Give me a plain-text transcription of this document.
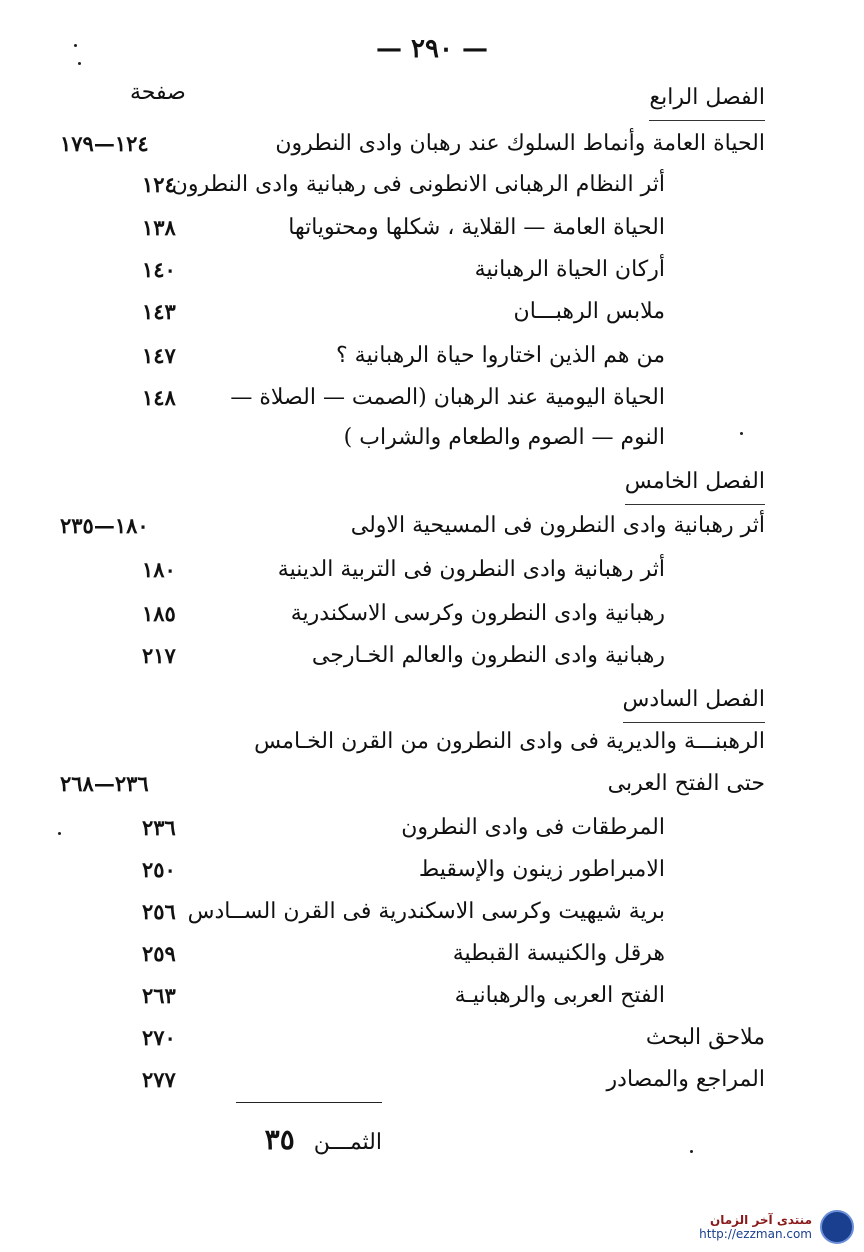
— ٢٩٠ —
صفحة	الفصل الرابع
الحياة العامة وأنماط السلوك عند رهبان وادى النطرون
١٢٤—١٧٩
أثر النظام الرهبانى الانطونى فى رهبانية وادى النطرون
١٢٤
الحياة العامة — القلاية ، شكلها ومحتوياتها
١٣٨
أركان الحياة الرهبانية
١٤٠
ملابس الرهبـــان
١٤٣
من هم الذين اختاروا حياة الرهبانية ؟
١٤٧
الحياة اليومية عند الرهبان (الصمت — الصلاة —
١٤٨
النوم — الصوم والطعام والشراب )
الفصل الخامس
أثر رهبانية وادى النطرون فى المسيحية الاولى
١٨٠—٢٣٥
أثر رهبانية وادى النطرون فى التربية الدينية
١٨٠
رهبانية وادى النطرون وكرسى الاسكندرية
١٨٥
رهبانية وادى النطرون والعالم الخـارجى
٢١٧
الفصل السادس
الرهبنـــة والديرية فى وادى النطرون من القرن الخـامس
حتى الفتح العربى
٢٣٦—٢٦٨
المرطقات فى وادى النطرون
٢٣٦
الامبراطور زينون والإسقيط
٢٥٠
برية شيهيت وكرسى الاسكندرية فى القرن الســادس
٢٥٦
هرقل والكنيسة القبطية
٢٥٩
الفتح العربى والرهبانيـة
٢٦٣
ملاحق البحث
٢٧٠
المراجع والمصادر
٢٧٧
الثمـــن ٣٥
منتدى آخر الزمان
http://ezzman.com
